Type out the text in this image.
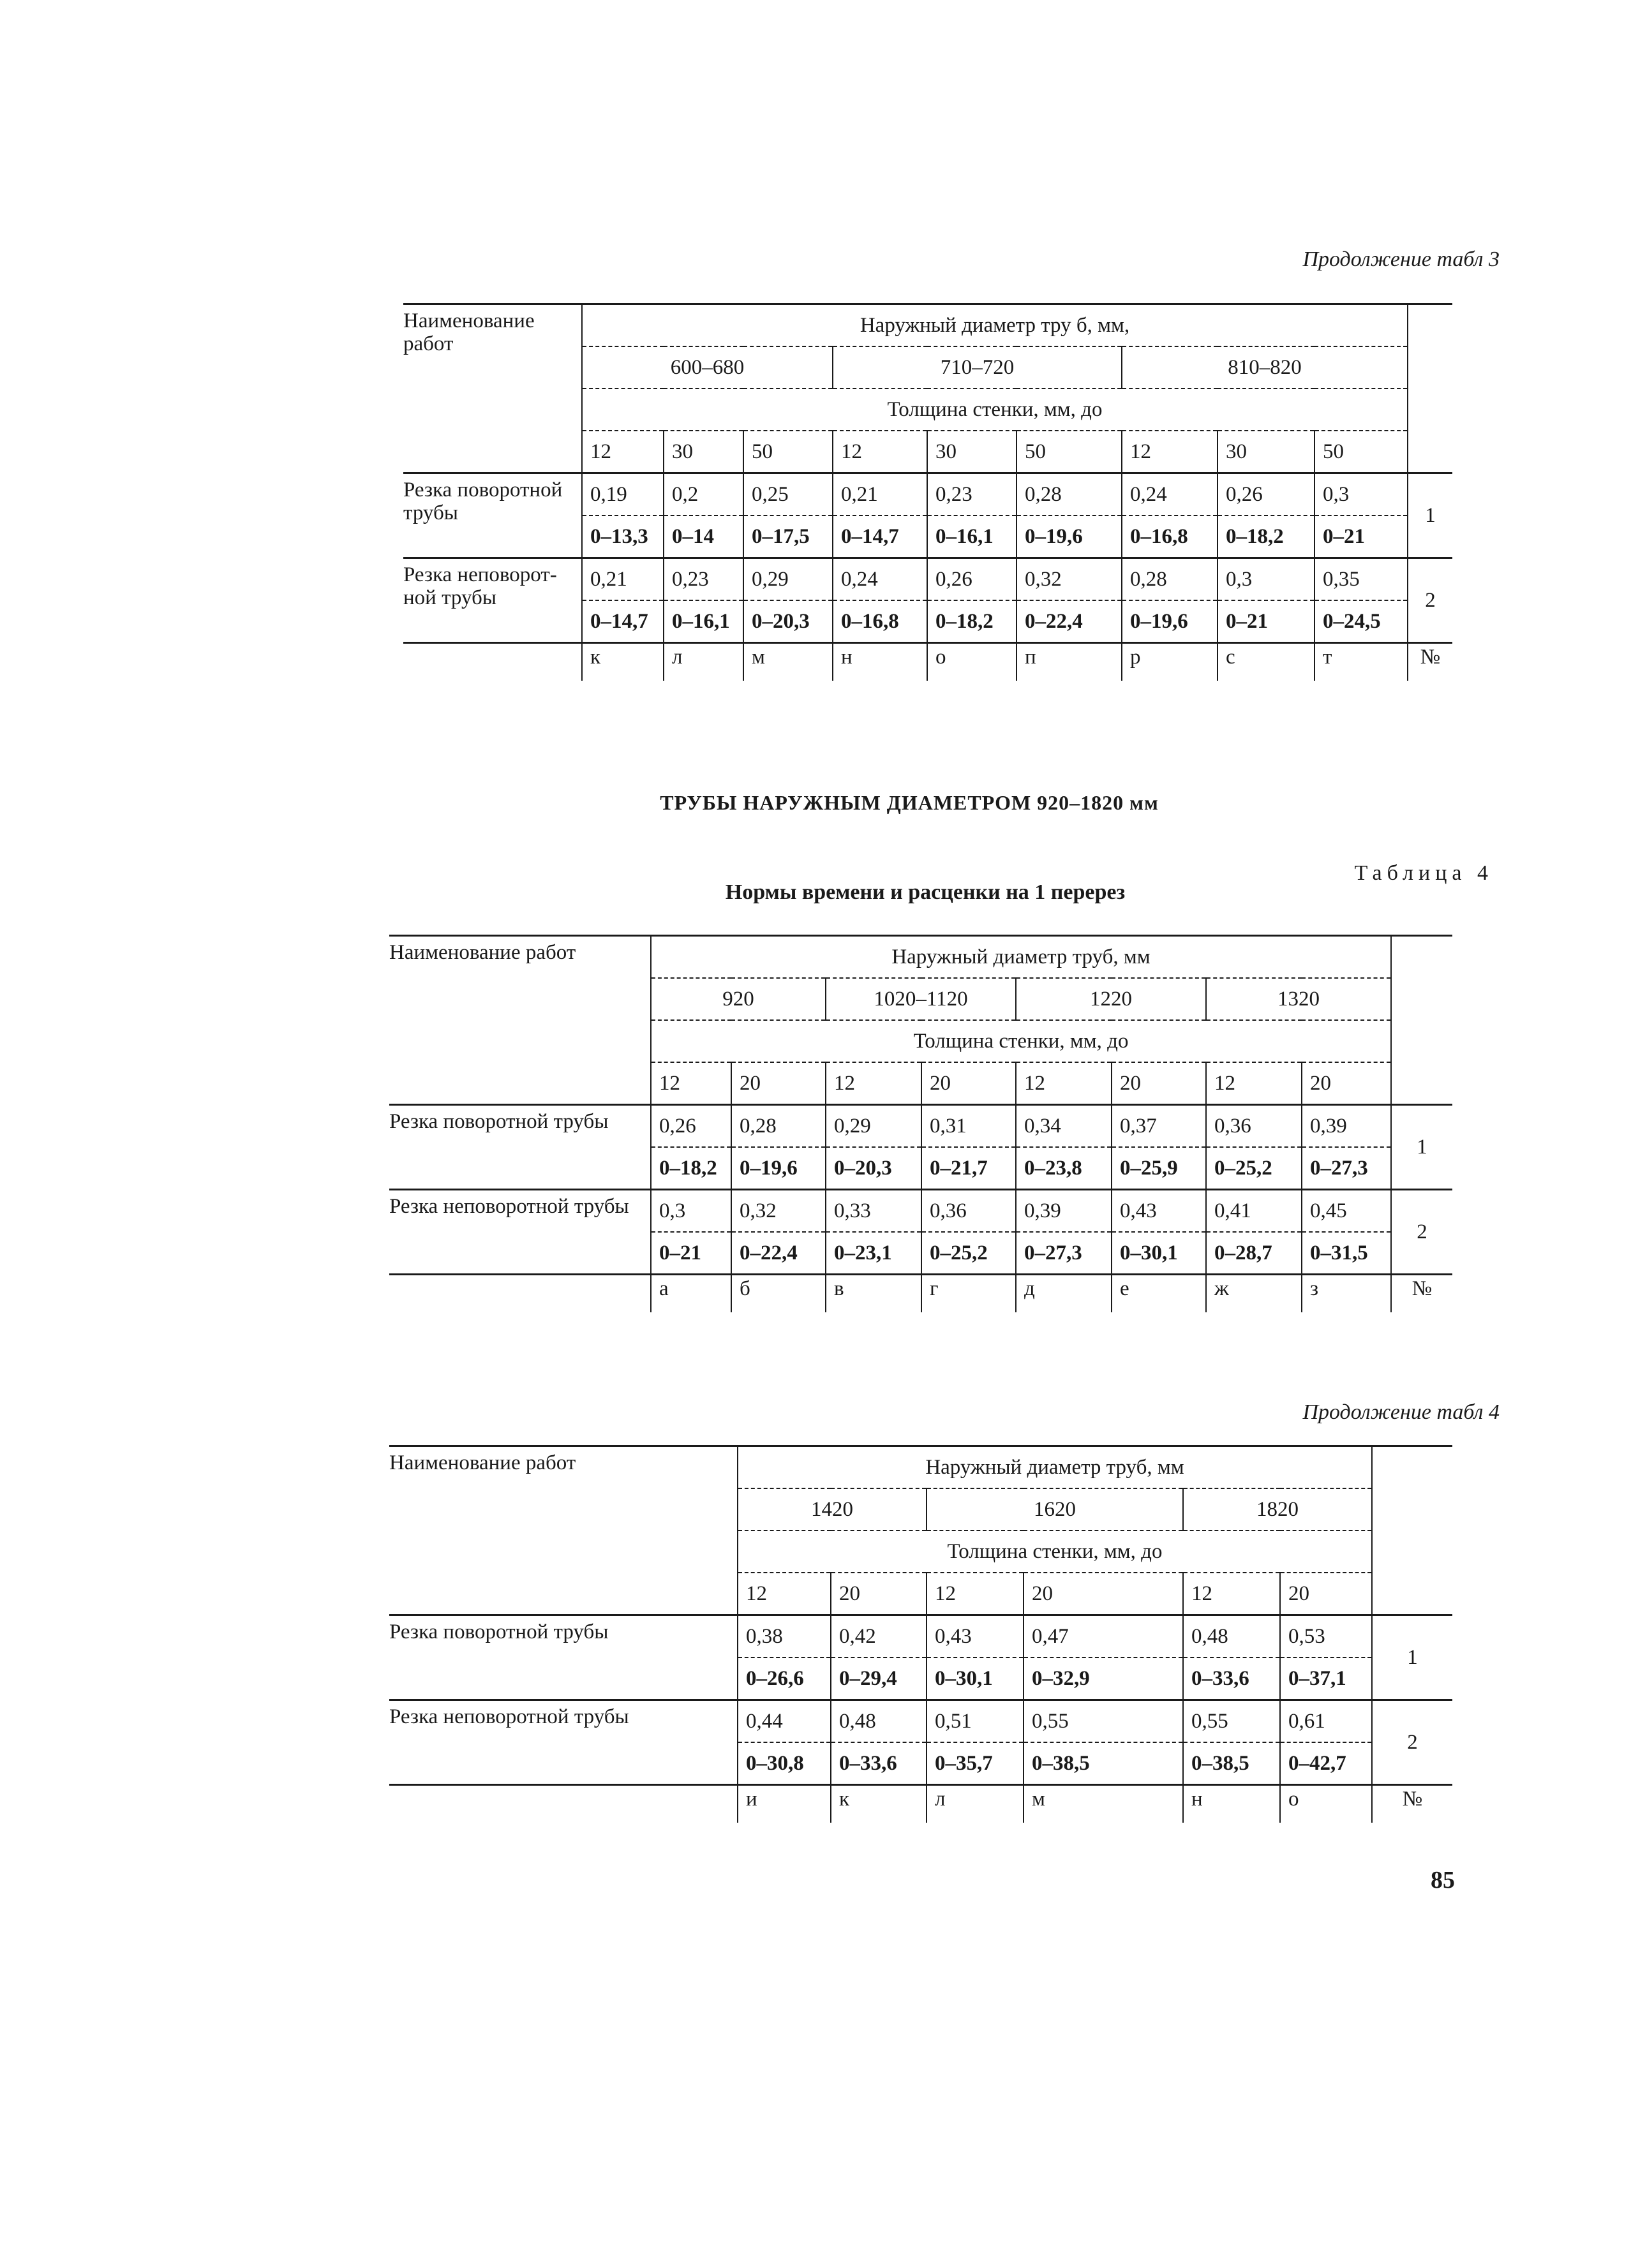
Продолжение табл 3
Наименование работ	Наружный диаметр тру б, мм,									
	600–680			710–720			810–820			
	Толщина стенки, мм, до									
	12	30	50	12	30	50	12	30	50	
Резка поворотной трубы	0,19	0,2	0,25	0,21	0,23	0,28	0,24	0,26	0,3	1
	0–13,3	0–14	0–17,5	0–14,7	0–16,1	0–19,6	0–16,8	0–18,2	0–21	
Резка неповорот-ной трубы	0,21	0,23	0,29	0,24	0,26	0,32	0,28	0,3	0,35	2
	0–14,7	0–16,1	0–20,3	0–16,8	0–18,2	0–22,4	0–19,6	0–21	0–24,5	
	к	л	м	н	о	п	р	с	т	№
ТРУБЫ НАРУЖНЫМ ДИАМЕТРОМ 920–1820 мм
Таблица 4
Нормы времени и расценки на 1 перерез
Наименование работ	Наружный диаметр труб, мм								
	920		1020–1120		1220		1320		
	Толщина стенки, мм, до								
	12	20	12	20	12	20	12	20	
Резка поворотной трубы	0,26	0,28	0,29	0,31	0,34	0,37	0,36	0,39	1
	0–18,2	0–19,6	0–20,3	0–21,7	0–23,8	0–25,9	0–25,2	0–27,3	
Резка неповоротной трубы	0,3	0,32	0,33	0,36	0,39	0,43	0,41	0,45	2
	0–21	0–22,4	0–23,1	0–25,2	0–27,3	0–30,1	0–28,7	0–31,5	
	а	б	в	г	д	е	ж	з	№
Продолжение табл 4
Наименование работ	Наружный диаметр труб, мм						
	1420		1620		1820		
	Толщина стенки, мм, до						
	12	20	12	20	12	20	
Резка поворотной трубы	0,38	0,42	0,43	0,47	0,48	0,53	1
	0–26,6	0–29,4	0–30,1	0–32,9	0–33,6	0–37,1	
Резка неповоротной трубы	0,44	0,48	0,51	0,55	0,55	0,61	2
	0–30,8	0–33,6	0–35,7	0–38,5	0–38,5	0–42,7	
	и	к	л	м	н	о	№
85
